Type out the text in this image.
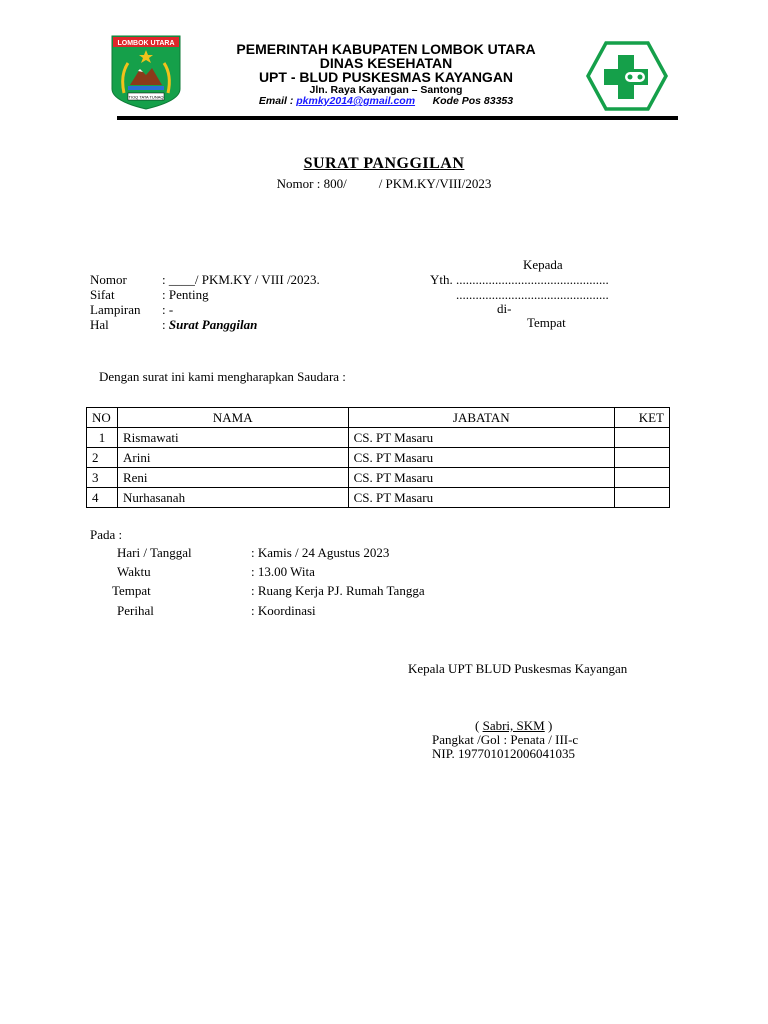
LOMBOK UTARA
TIOQ TATA TUNAQ
PEMERINTAH KABUPATEN LOMBOK UTARA
DINAS KESEHATAN
UPT - BLUD PUSKESMAS KAYANGAN
Jln. Raya Kayangan – Santong
Email : pkmky2014@gmail.com Kode Pos 83353
SURAT PANGGILAN
Nomor : 800/ / PKM.KY/VIII/2023
Kepada
Yth. ...............................................
...............................................
di-
Tempat
Nomor	: ____/ PKM.KY / VIII /2023.
Sifat	: Penting
Lampiran	: -
Hal	: Surat Panggilan
Dengan surat ini kami mengharapkan Saudara :
NO	NAMA	JABATAN	KET
1	Rismawati	CS. PT Masaru	
2	Arini	CS. PT Masaru	
3	Reni	CS. PT Masaru	
4	Nurhasanah	CS. PT Masaru	
Pada :
Hari / Tanggal	: Kamis / 24 Agustus 2023
Waktu	: 13.00 Wita
Tempat	: Ruang Kerja PJ. Rumah Tangga
Perihal	: Koordinasi
Kepala UPT BLUD Puskesmas Kayangan
( Sabri, SKM )
Pangkat /Gol : Penata / III-c
NIP. 197701012006041035
